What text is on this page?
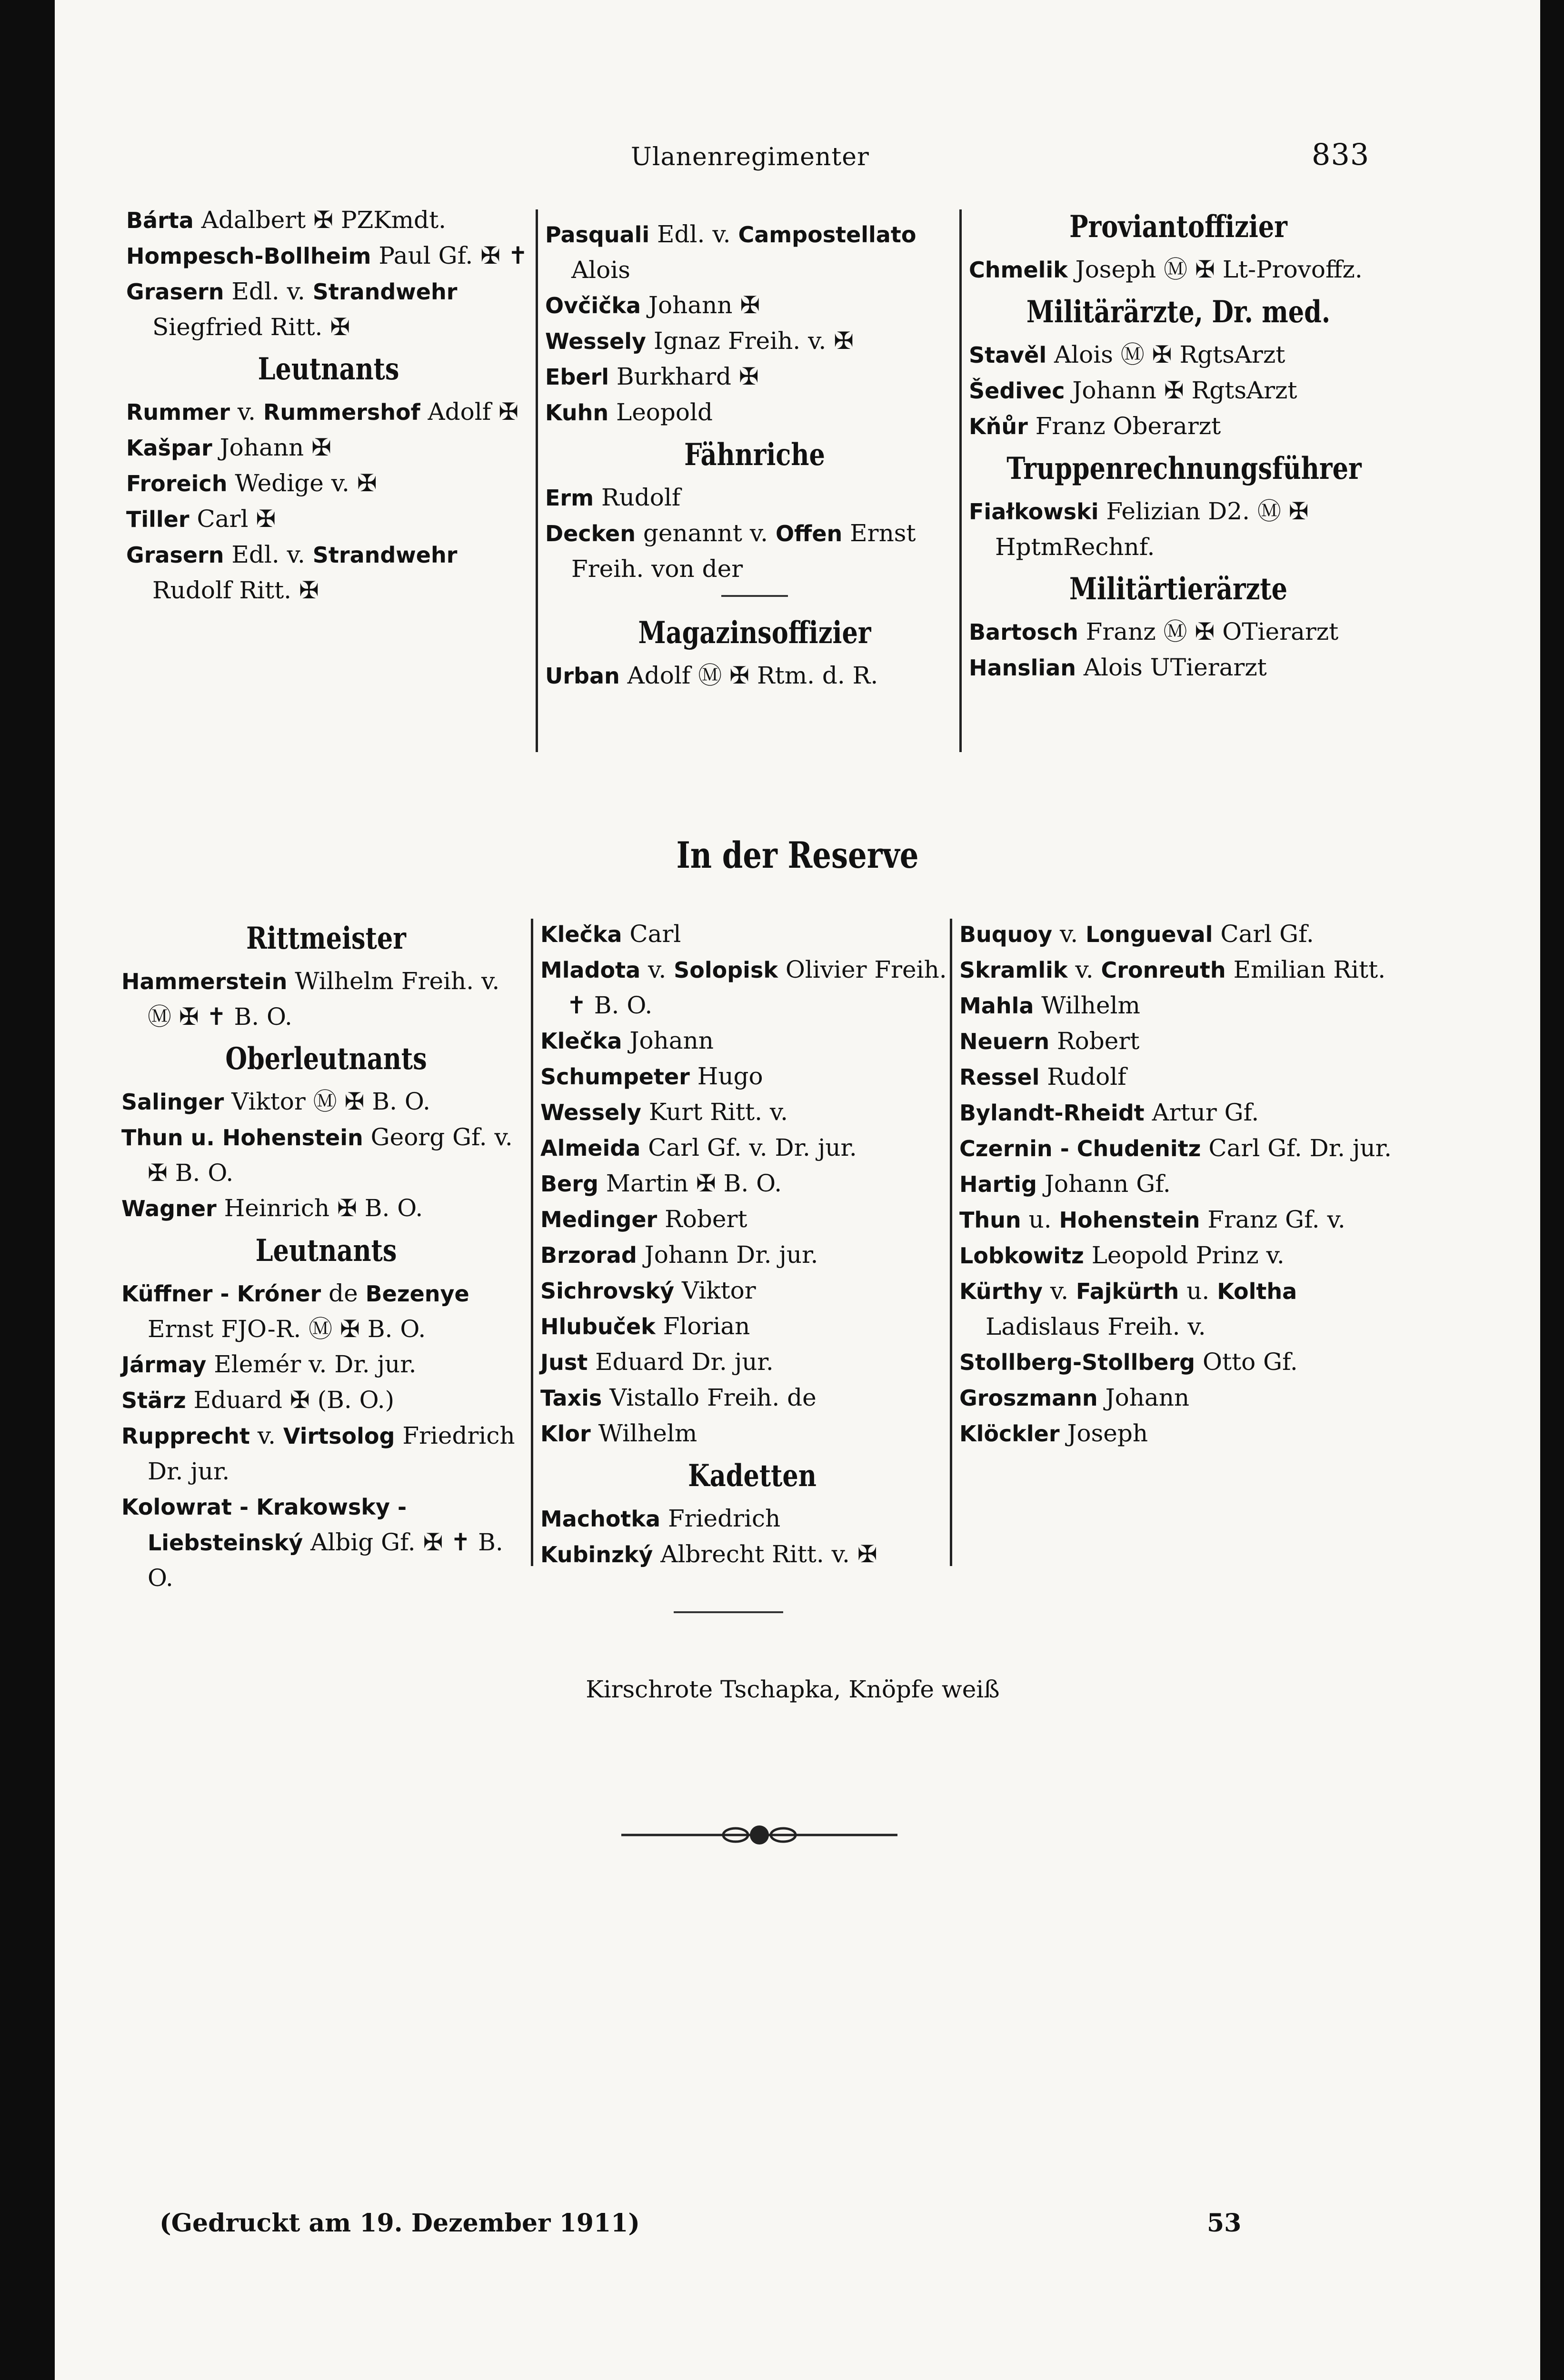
Ulanenregimenter	833
Bárta Adalbert ✠ PZKmdt.
Hompesch-Bollheim Paul Gf. ✠ ✝
Grasern Edl. v. Strandwehr Siegfried Ritt. ✠
Leutnants
Rummer v. Rummershof Adolf ✠
Kašpar Johann ✠
Froreich Wedige v. ✠
Tiller Carl ✠
Grasern Edl. v. Strandwehr Rudolf Ritt. ✠
Pasquali Edl. v. Campostellato Alois
Ovčička Johann ✠
Wessely Ignaz Freih. v. ✠
Eberl Burkhard ✠
Kuhn Leopold
Fähnriche
Erm Rudolf
Decken genannt v. Offen Ernst Freih. von der
Magazinsoffizier
Urban Adolf Ⓜ ✠ Rtm. d. R.
Proviantoffizier
Chmelik Joseph Ⓜ ✠ Lt-Provoffz.
Militärärzte, Dr. med.
Stavěl Alois Ⓜ ✠ RgtsArzt
Šedivec Johann ✠ RgtsArzt
Kňůr Franz Oberarzt
Truppenrechnungsführer
Fiałkowski Felizian D2. Ⓜ ✠ HptmRechnf.
Militärtierärzte
Bartosch Franz Ⓜ ✠ OTierarzt
Hanslian Alois UTierarzt
In der Reserve
Rittmeister
Hammerstein Wilhelm Freih. v. Ⓜ ✠ ✝ B. O.
Oberleutnants
Salinger Viktor Ⓜ ✠ B. O.
Thun u. Hohenstein Georg Gf. v. ✠ B. O.
Wagner Heinrich ✠ B. O.
Leutnants
Küffner - Króner de Bezenye Ernst FJO-R. Ⓜ ✠ B. O.
Jármay Elemér v. Dr. jur.
Stärz Eduard ✠ (B. O.)
Rupprecht v. Virtsolog Friedrich Dr. jur.
Kolowrat - Krakowsky - Liebsteinský Albig Gf. ✠ ✝ B. O.
Klečka Carl
Mladota v. Solopisk Olivier Freih. ✝ B. O.
Klečka Johann
Schumpeter Hugo
Wessely Kurt Ritt. v.
Almeida Carl Gf. v. Dr. jur.
Berg Martin ✠ B. O.
Medinger Robert
Brzorad Johann Dr. jur.
Sichrovský Viktor
Hlubuček Florian
Just Eduard Dr. jur.
Taxis Vistallo Freih. de
Klor Wilhelm
Kadetten
Machotka Friedrich
Kubinzký Albrecht Ritt. v. ✠
Buquoy v. Longueval Carl Gf.
Skramlik v. Cronreuth Emilian Ritt.
Mahla Wilhelm
Neuern Robert
Ressel Rudolf
Bylandt-Rheidt Artur Gf.
Czernin - Chudenitz Carl Gf. Dr. jur.
Hartig Johann Gf.
Thun u. Hohenstein Franz Gf. v.
Lobkowitz Leopold Prinz v.
Kürthy v. Fajkürth u. Koltha Ladislaus Freih. v.
Stollberg-Stollberg Otto Gf.
Groszmann Johann
Klöckler Joseph
Kirschrote Tschapka, Knöpfe weiß
(Gedruckt am 19. Dezember 1911)	53
